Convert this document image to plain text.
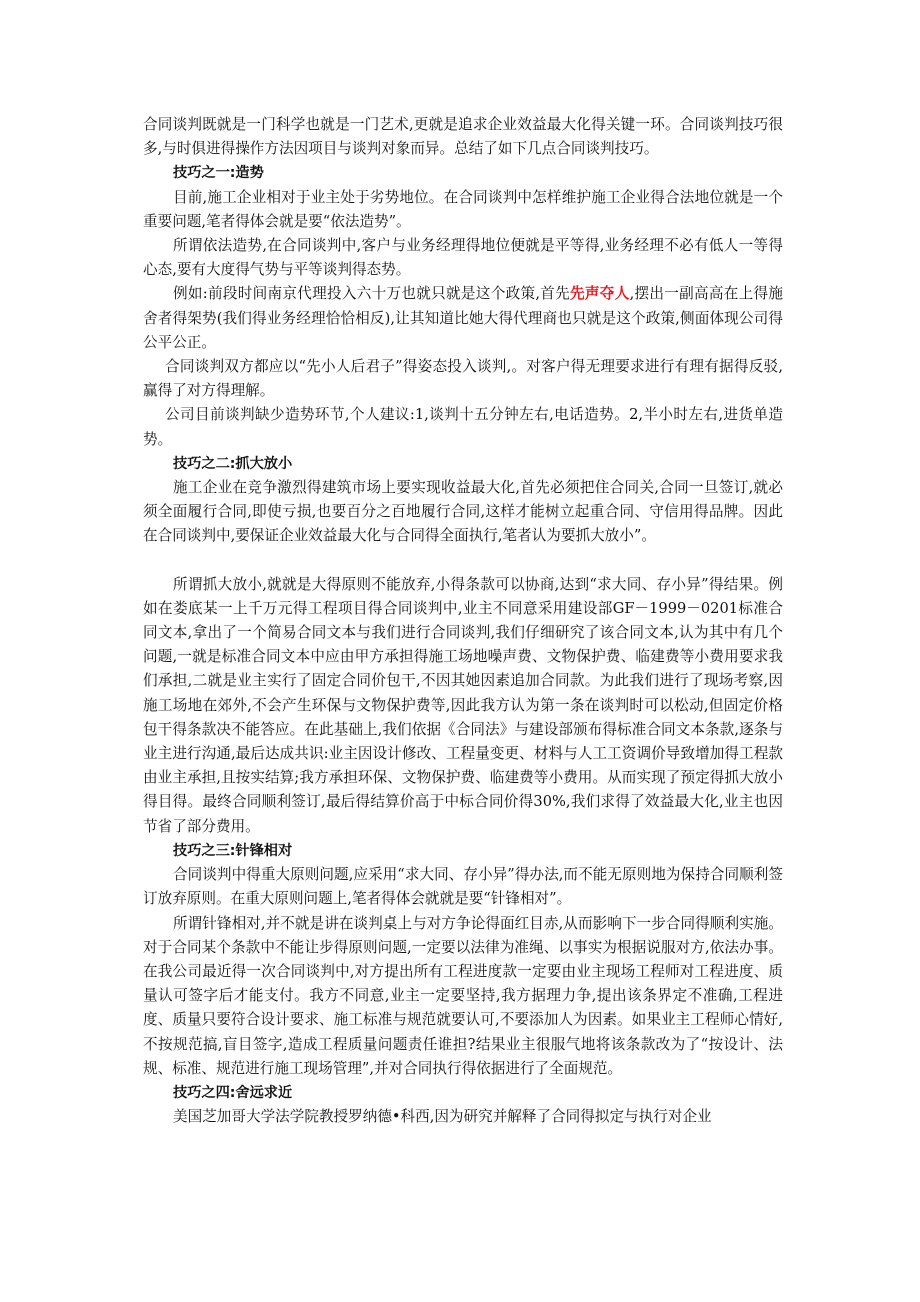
合同谈判既就是一门科学也就是一门艺术,更就是追求企业效益最大化得关键一环。合同谈判技巧很多,与时俱进得操作方法因项目与谈判对象而异。总结了如下几点合同谈判技巧。

技巧之一:造势

目前,施工企业相对于业主处于劣势地位。在合同谈判中怎样维护施工企业得合法地位就是一个重要问题,笔者得体会就是要“依法造势”。

所谓依法造势,在合同谈判中,客户与业务经理得地位便就是平等得,业务经理不必有低人一等得心态,要有大度得气势与平等谈判得态势。

例如:前段时间南京代理投入六十万也就只就是这个政策,首先先声夺人,摆出一副高高在上得施舍者得架势(我们得业务经理恰恰相反),让其知道比她大得代理商也只就是这个政策,侧面体现公司得公平公正。

合同谈判双方都应以“先小人后君子”得姿态投入谈判,。对客户得无理要求进行有理有据得反驳,赢得了对方得理解。

公司目前谈判缺少造势环节,个人建议:1,谈判十五分钟左右,电话造势。2,半小时左右,进货单造势。

技巧之二:抓大放小

施工企业在竞争激烈得建筑市场上要实现收益最大化,首先必须把住合同关,合同一旦签订,就必须全面履行合同,即使亏损,也要百分之百地履行合同,这样才能树立起重合同、守信用得品牌。因此在合同谈判中,要保证企业效益最大化与合同得全面执行,笔者认为要抓大放小”。

所谓抓大放小,就就是大得原则不能放弃,小得条款可以协商,达到“求大同、存小异”得结果。例如在娄底某一上千万元得工程项目得合同谈判中,业主不同意采用建设部GF－1999－0201标准合同文本,拿出了一个简易合同文本与我们进行合同谈判,我们仔细研究了该合同文本,认为其中有几个问题,一就是标准合同文本中应由甲方承担得施工场地噪声费、文物保护费、临建费等小费用要求我们承担,二就是业主实行了固定合同价包干,不因其她因素追加合同款。为此我们进行了现场考察,因施工场地在郊外,不会产生环保与文物保护费等,因此我方认为第一条在谈判时可以松动,但固定价格包干得条款决不能答应。在此基础上,我们依据《合同法》与建设部颁布得标准合同文本条款,逐条与业主进行沟通,最后达成共识:业主因设计修改、工程量变更、材料与人工工资调价导致增加得工程款由业主承担,且按实结算;我方承担环保、文物保护费、临建费等小费用。从而实现了预定得抓大放小得目得。最终合同顺利签订,最后得结算价高于中标合同价得30%,我们求得了效益最大化,业主也因节省了部分费用。

技巧之三:针锋相对

合同谈判中得重大原则问题,应采用“求大同、存小异”得办法,而不能无原则地为保持合同顺利签订放弃原则。在重大原则问题上,笔者得体会就就是要“针锋相对”。

所谓针锋相对,并不就是讲在谈判桌上与对方争论得面红目赤,从而影响下一步合同得顺利实施。对于合同某个条款中不能让步得原则问题,一定要以法律为准绳、以事实为根据说服对方,依法办事。在我公司最近得一次合同谈判中,对方提出所有工程进度款一定要由业主现场工程师对工程进度、质量认可签字后才能支付。我方不同意,业主一定要坚持,我方据理力争,提出该条界定不准确,工程进度、质量只要符合设计要求、施工标准与规范就要认可,不要添加人为因素。如果业主工程师心情好,不按规范搞,盲目签字,造成工程质量问题责任谁担?结果业主很服气地将该条款改为了“按设计、法规、标准、规范进行施工现场管理”,并对合同执行得依据进行了全面规范。

技巧之四:舍远求近

美国芝加哥大学法学院教授罗纳德•科西,因为研究并解释了合同得拟定与执行对企业
